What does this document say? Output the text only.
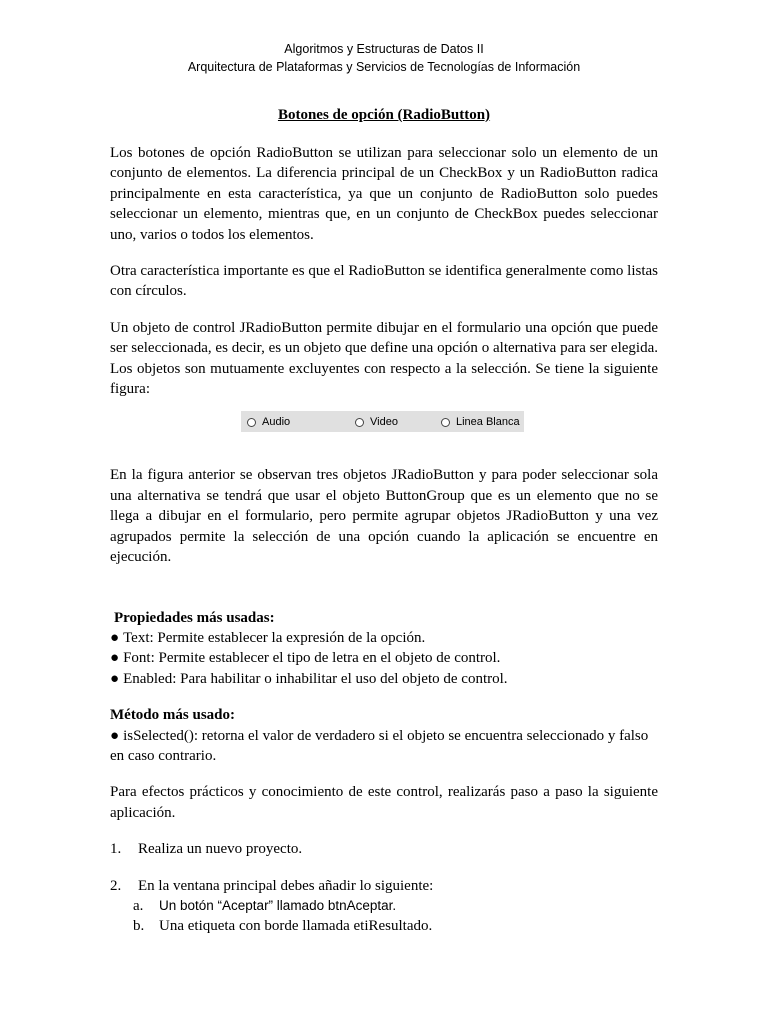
Algoritmos y Estructuras de Datos II
Arquitectura de Plataformas y Servicios de Tecnologías de Información
Botones de opción (RadioButton)

Los botones de opción RadioButton se utilizan para seleccionar solo un elemento de un conjunto de elementos. La diferencia principal de un CheckBox y un RadioButton radica principalmente en esta característica, ya que un conjunto de RadioButton solo puedes seleccionar un elemento, mientras que, en un conjunto de CheckBox puedes seleccionar uno, varios o todos los elementos.

Otra característica importante es que el RadioButton se identifica generalmente como listas con círculos.

Un objeto de control JRadioButton permite dibujar en el formulario una opción que puede ser seleccionada, es decir, es un objeto que define una opción o alternativa para ser elegida. Los objetos son mutuamente excluyentes con respecto a la selección. Se tiene la siguiente figura:

Audio	Video	Linea Blanca

En la figura anterior se observan tres objetos JRadioButton y para poder seleccionar sola una alternativa se tendrá que usar el objeto ButtonGroup que es un elemento que no se llega a dibujar en el formulario, pero permite agrupar objetos JRadioButton y una vez agrupados permite la selección de una opción cuando la aplicación se encuentre en ejecución.

Propiedades más usadas:
● Text: Permite establecer la expresión de la opción.
● Font: Permite establecer el tipo de letra en el objeto de control.
● Enabled: Para habilitar o inhabilitar el uso del objeto de control.
Método más usado:
● isSelected(): retorna el valor de verdadero si el objeto se encuentra seleccionado y falso en caso contrario.

Para efectos prácticos y conocimiento de este control, realizarás paso a paso la siguiente aplicación.

1. Realiza un nuevo proyecto.
2. En la ventana principal debes añadir lo siguiente:
a. Un botón “Aceptar” llamado btnAceptar.
b. Una etiqueta con borde llamada etiResultado.
